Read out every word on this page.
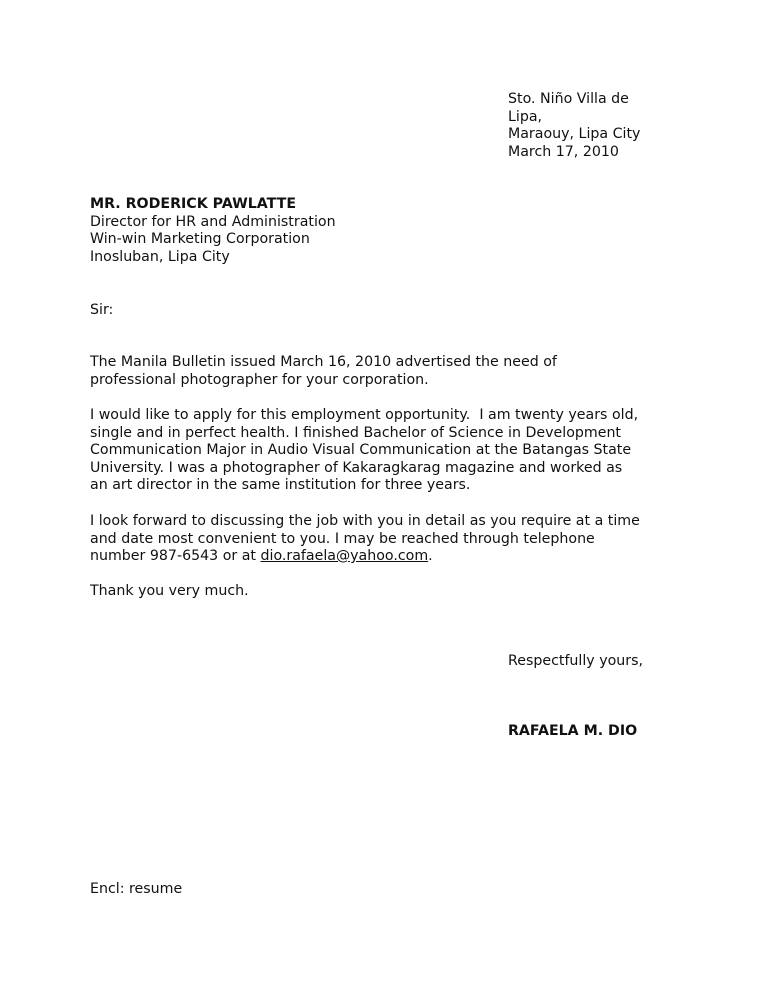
Sto. Niño Villa de
Lipa,
Maraouy, Lipa City
March 17, 2010
MR. RODERICK PAWLATTE
Director for HR and Administration
Win-win Marketing Corporation
Inosluban, Lipa City
Sir:
The Manila Bulletin issued March 16, 2010 advertised the need of
professional photographer for your corporation.
I would like to apply for this employment opportunity.  I am twenty years old,
single and in perfect health. I finished Bachelor of Science in Development
Communication Major in Audio Visual Communication at the Batangas State
University. I was a photographer of Kakaragkarag magazine and worked as
an art director in the same institution for three years.
I look forward to discussing the job with you in detail as you require at a time
and date most convenient to you. I may be reached through telephone
number 987-6543 or at dio.rafaela@yahoo.com.
Thank you very much.
Respectfully yours,
RAFAELA M. DIO
Encl: resume
